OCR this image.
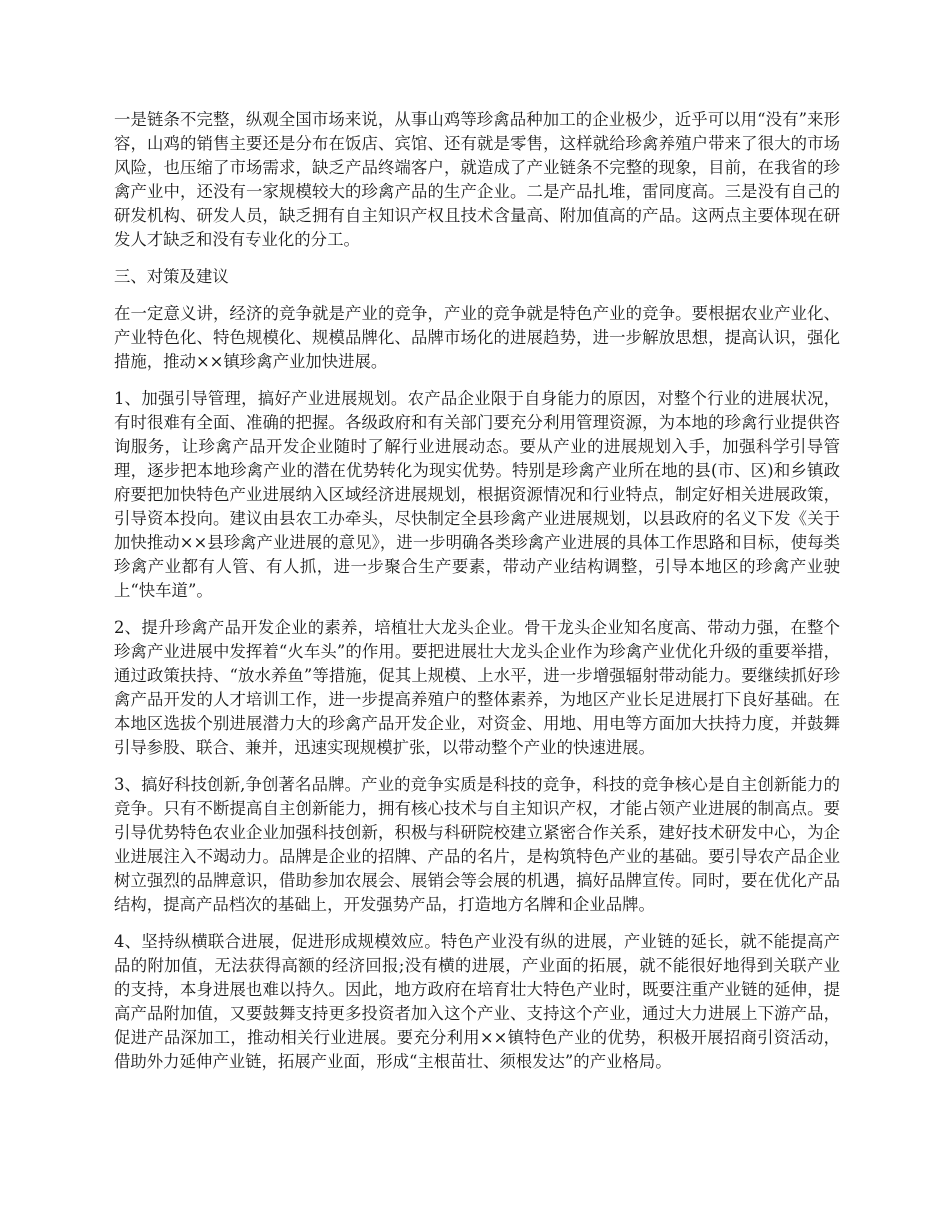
一是链条不完整，纵观全国市场来说，从事山鸡等珍禽品种加工的企业极少，近乎可以用“没有”来形容，山鸡的销售主要还是分布在饭店、宾馆、还有就是零售，这样就给珍禽养殖户带来了很大的市场风险，也压缩了市场需求，缺乏产品终端客户，就造成了产业链条不完整的现象，目前，在我省的珍禽产业中，还没有一家规模较大的珍禽产品的生产企业。二是产品扎堆，雷同度高。三是没有自己的研发机构、研发人员，缺乏拥有自主知识产权且技术含量高、附加值高的产品。这两点主要体现在研发人才缺乏和没有专业化的分工。

三、对策及建议

在一定意义讲，经济的竞争就是产业的竞争，产业的竞争就是特色产业的竞争。要根据农业产业化、产业特色化、特色规模化、规模品牌化、品牌市场化的进展趋势，进一步解放思想，提高认识，强化措施，推动××镇珍禽产业加快进展。

1、加强引导管理，搞好产业进展规划。农产品企业限于自身能力的原因，对整个行业的进展状况，有时很难有全面、准确的把握。各级政府和有关部门要充分利用管理资源，为本地的珍禽行业提供咨询服务，让珍禽产品开发企业随时了解行业进展动态。要从产业的进展规划入手，加强科学引导管理，逐步把本地珍禽产业的潜在优势转化为现实优势。特别是珍禽产业所在地的县(市、区)和乡镇政府要把加快特色产业进展纳入区域经济进展规划，根据资源情况和行业特点，制定好相关进展政策，引导资本投向。建议由县农工办牵头，尽快制定全县珍禽产业进展规划，以县政府的名义下发《关于加快推动××县珍禽产业进展的意见》，进一步明确各类珍禽产业进展的具体工作思路和目标，使每类珍禽产业都有人管、有人抓，进一步聚合生产要素，带动产业结构调整，引导本地区的珍禽产业驶上“快车道”。

2、提升珍禽产品开发企业的素养，培植壮大龙头企业。骨干龙头企业知名度高、带动力强，在整个珍禽产业进展中发挥着“火车头”的作用。要把进展壮大龙头企业作为珍禽产业优化升级的重要举措，通过政策扶持、“放水养鱼”等措施，促其上规模、上水平，进一步增强辐射带动能力。要继续抓好珍禽产品开发的人才培训工作，进一步提高养殖户的整体素养，为地区产业长足进展打下良好基础。在本地区选拔个别进展潜力大的珍禽产品开发企业，对资金、用地、用电等方面加大扶持力度，并鼓舞引导参股、联合、兼并，迅速实现规模扩张，以带动整个产业的快速进展。

3、搞好科技创新,争创著名品牌。产业的竞争实质是科技的竞争，科技的竞争核心是自主创新能力的竞争。只有不断提高自主创新能力，拥有核心技术与自主知识产权，才能占领产业进展的制高点。要引导优势特色农业企业加强科技创新，积极与科研院校建立紧密合作关系，建好技术研发中心，为企业进展注入不竭动力。品牌是企业的招牌、产品的名片，是构筑特色产业的基础。要引导农产品企业树立强烈的品牌意识，借助参加农展会、展销会等会展的机遇，搞好品牌宣传。同时，要在优化产品结构，提高产品档次的基础上，开发强势产品，打造地方名牌和企业品牌。

4、坚持纵横联合进展，促进形成规模效应。特色产业没有纵的进展，产业链的延长，就不能提高产品的附加值，无法获得高额的经济回报;没有横的进展，产业面的拓展，就不能很好地得到关联产业的支持，本身进展也难以持久。因此，地方政府在培育壮大特色产业时，既要注重产业链的延伸，提高产品附加值，又要鼓舞支持更多投资者加入这个产业、支持这个产业，通过大力进展上下游产品，促进产品深加工，推动相关行业进展。要充分利用××镇特色产业的优势，积极开展招商引资活动，借助外力延伸产业链，拓展产业面，形成“主根苗壮、须根发达”的产业格局。
